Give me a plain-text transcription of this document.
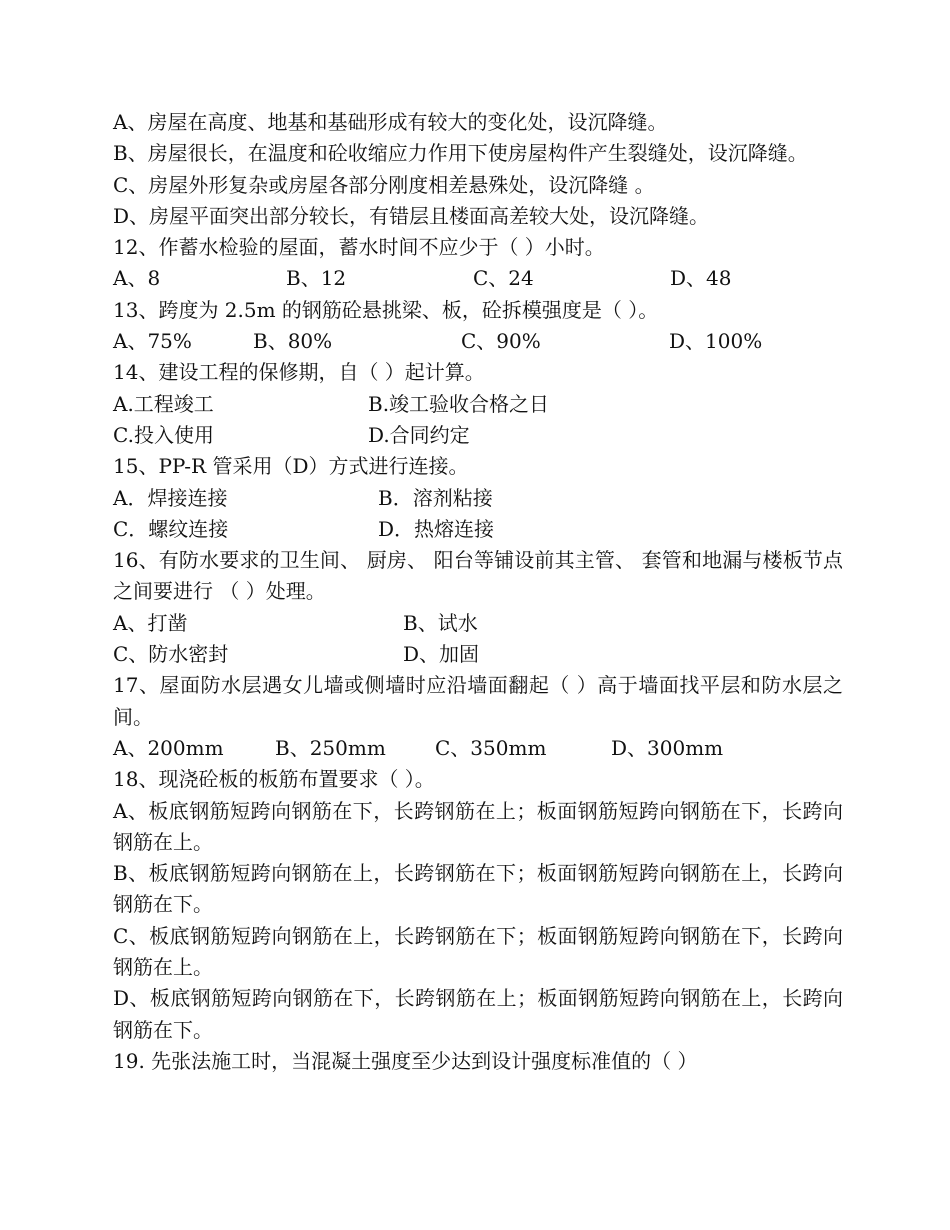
A、房屋在高度、地基和基础形成有较大的变化处，设沉降缝。
B、房屋很长，在温度和砼收缩应力作用下使房屋构件产生裂缝处，设沉降缝。
C、房屋外形复杂或房屋各部分刚度相差悬殊处，设沉降缝 。
D、房屋平面突出部分较长，有错层且楼面高差较大处，设沉降缝。
12、作蓄水检验的屋面，蓄水时间不应少于（ ）小时。
A、8	B、12	C、24	D、48
13、跨度为 2.5m 的钢筋砼悬挑梁、板，砼拆模强度是（ ）。
A、75%	B、80%	C、90%	D、100%
14、建设工程的保修期，自（ ）起计算。
A.工程竣工	B.竣工验收合格之日
C.投入使用	D.合同约定
15、PP-R 管采用（D）方式进行连接。
A．焊接连接	B．溶剂粘接
C．螺纹连接	D．热熔连接
16、有防水要求的卫生间、 厨房、 阳台等铺设前其主管、 套管和地漏与楼板节点之间要进行 （ ）处理。
A、打凿	B、试水
C、防水密封	D、加固
17、屋面防水层遇女儿墙或侧墙时应沿墙面翻起（ ）高于墙面找平层和防水层之间。
A、200mm	B、250mm	C、350mm	D、300mm
18、现浇砼板的板筋布置要求（ ）。
A、板底钢筋短跨向钢筋在下，长跨钢筋在上；板面钢筋短跨向钢筋在下，长跨向钢筋在上。
B、板底钢筋短跨向钢筋在上，长跨钢筋在下；板面钢筋短跨向钢筋在上，长跨向钢筋在下。
C、板底钢筋短跨向钢筋在上，长跨钢筋在下；板面钢筋短跨向钢筋在下，长跨向钢筋在上。
D、板底钢筋短跨向钢筋在下，长跨钢筋在上；板面钢筋短跨向钢筋在上，长跨向钢筋在下。
19. 先张法施工时，当混凝土强度至少达到设计强度标准值的（ ）
